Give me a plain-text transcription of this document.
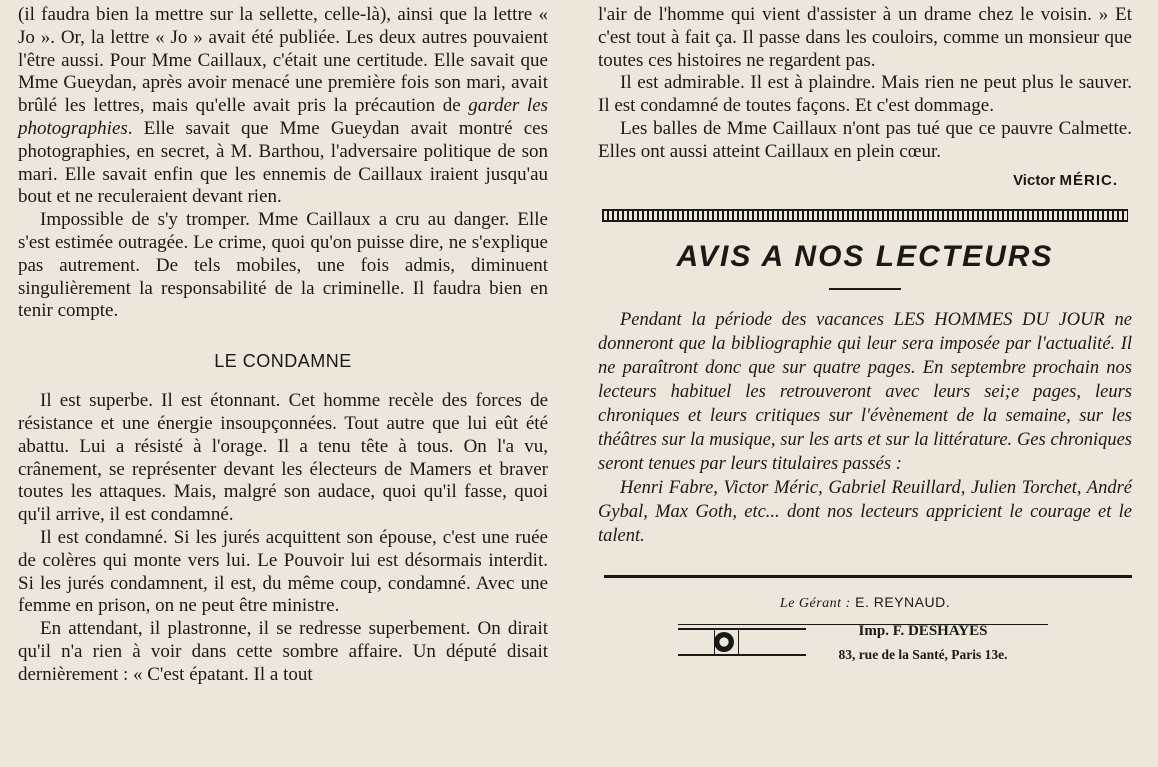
(il faudra bien la mettre sur la sellette, celle-là), ainsi que la lettre « Jo ». Or, la lettre « Jo » avait été publiée. Les deux autres pouvaient l'être aussi. Pour Mme Caillaux, c'était une certitude. Elle savait que Mme Gueydan, après avoir menacé une première fois son mari, avait brûlé les lettres, mais qu'elle avait pris la précaution de garder les photographies. Elle savait que Mme Gueydan avait montré ces photographies, en secret, à M. Barthou, l'adversaire politique de son mari. Elle savait enfin que les ennemis de Caillaux iraient jusqu'au bout et ne reculeraient devant rien.

Impossible de s'y tromper. Mme Caillaux a cru au danger. Elle s'est estimée outragée. Le crime, quoi qu'on puisse dire, ne s'explique pas autrement. De tels mobiles, une fois admis, diminuent singulièrement la responsabilité de la criminelle. Il faudra bien en tenir compte.

LE CONDAMNE

Il est superbe. Il est étonnant. Cet homme recèle des forces de résistance et une énergie insoupçonnées. Tout autre que lui eût été abattu. Lui a résisté à l'orage. Il a tenu tête à tous. On l'a vu, crânement, se représenter devant les électeurs de Mamers et braver toutes les attaques. Mais, malgré son audace, quoi qu'il fasse, quoi qu'il arrive, il est condamné.

Il est condamné. Si les jurés acquittent son épouse, c'est une ruée de colères qui monte vers lui. Le Pouvoir lui est désormais interdit. Si les jurés condamnent, il est, du même coup, condamné. Avec une femme en prison, on ne peut être ministre.

En attendant, il plastronne, il se redresse superbement. On dirait qu'il n'a rien à voir dans cette sombre affaire. Un député disait dernièrement : « C'est épatant. Il a tout

l'air de l'homme qui vient d'assister à un drame chez le voisin. » Et c'est tout à fait ça. Il passe dans les couloirs, comme un monsieur que toutes ces histoires ne regardent pas.

Il est admirable. Il est à plaindre. Mais rien ne peut plus le sauver. Il est condamné de toutes façons. Et c'est dommage.

Les balles de Mme Caillaux n'ont pas tué que ce pauvre Calmette. Elles ont aussi atteint Caillaux en plein cœur.

Victor MÉRIC.
AVIS A NOS LECTEURS

Pendant la période des vacances LES HOMMES DU JOUR ne donneront que la bibliographie qui leur sera imposée par l'actualité. Il ne paraîtront donc que sur quatre pages. En septembre prochain nos lecteurs habituel les retrouveront avec leurs sei;e pages, leurs chroniques et leurs critiques sur l'évènement de la semaine, sur les théâtres sur la musique, sur les arts et sur la littérature. Ges chroniques seront tenues par leurs titulaires passés :

Henri Fabre, Victor Méric, Gabriel Reuillard, Julien Torchet, André Gybal, Max Goth, etc... dont nos lecteurs appricient le courage et le talent.

Le Gérant : E. REYNAUD.
Imp. F. DESHAYES
83, rue de la Santé, Paris 13e.
